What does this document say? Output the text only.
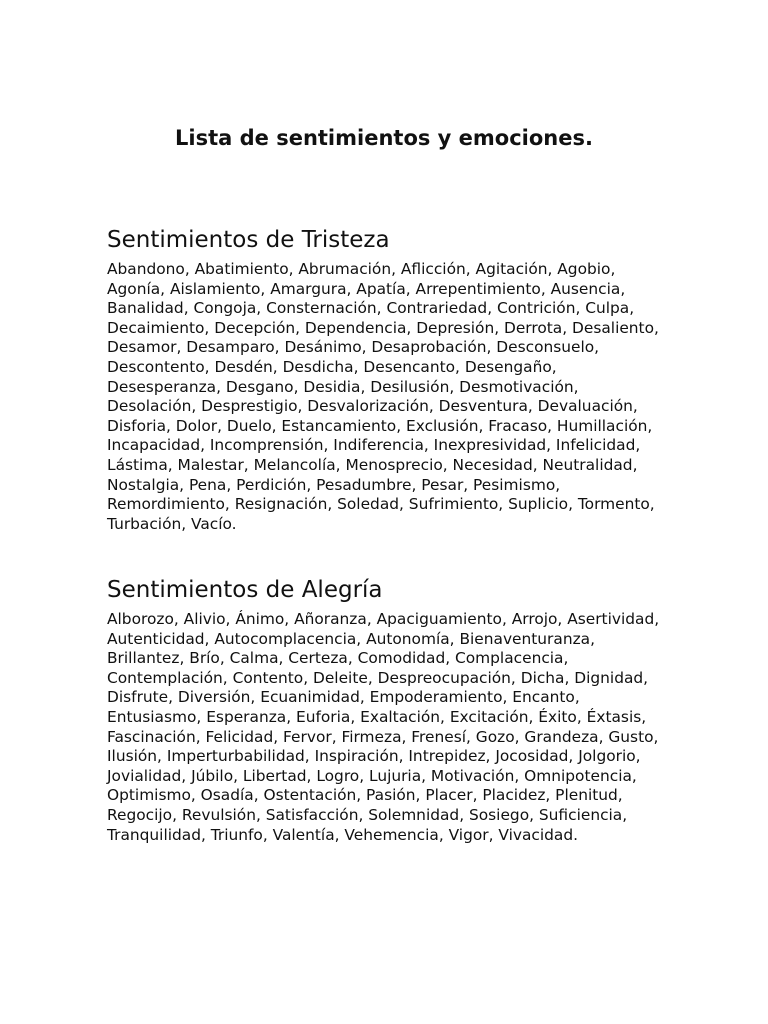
Lista de sentimientos y emociones.
Sentimientos de Tristeza

Abandono, Abatimiento, Abrumación, Aflicción, Agitación, Agobio, Agonía, Aislamiento, Amargura, Apatía, Arrepentimiento, Ausencia, Banalidad, Congoja, Consternación, Contrariedad, Contrición, Culpa, Decaimiento, Decepción, Dependencia, Depresión, Derrota, Desaliento, Desamor, Desamparo, Desánimo, Desaprobación, Desconsuelo, Descontento, Desdén, Desdicha, Desencanto, Desengaño, Desesperanza, Desgano, Desidia, Desilusión, Desmotivación, Desolación, Desprestigio, Desvalorización, Desventura, Devaluación, Disforia, Dolor, Duelo, Estancamiento, Exclusión, Fracaso, Humillación, Incapacidad, Incomprensión, Indiferencia, Inexpresividad, Infelicidad, Lástima, Malestar, Melancolía, Menosprecio, Necesidad, Neutralidad, Nostalgia, Pena, Perdición, Pesadumbre, Pesar, Pesimismo, Remordimiento, Resignación, Soledad, Sufrimiento, Suplicio, Tormento, Turbación, Vacío.

Sentimientos de Alegría

Alborozo, Alivio, Ánimo, Añoranza, Apaciguamiento, Arrojo, Asertividad, Autenticidad, Autocomplacencia, Autonomía, Bienaventuranza, Brillantez, Brío, Calma, Certeza, Comodidad, Complacencia, Contemplación, Contento, Deleite, Despreocupación, Dicha, Dignidad, Disfrute, Diversión, Ecuanimidad, Empoderamiento, Encanto, Entusiasmo, Esperanza, Euforia, Exaltación, Excitación, Éxito, Éxtasis, Fascinación, Felicidad, Fervor, Firmeza, Frenesí, Gozo, Grandeza, Gusto, Ilusión, Imperturbabilidad, Inspiración, Intrepidez, Jocosidad, Jolgorio, Jovialidad, Júbilo, Libertad, Logro, Lujuria, Motivación, Omnipotencia, Optimismo, Osadía, Ostentación, Pasión, Placer, Placidez, Plenitud, Regocijo, Revulsión, Satisfacción, Solemnidad, Sosiego, Suficiencia, Tranquilidad, Triunfo, Valentía, Vehemencia, Vigor, Vivacidad.
